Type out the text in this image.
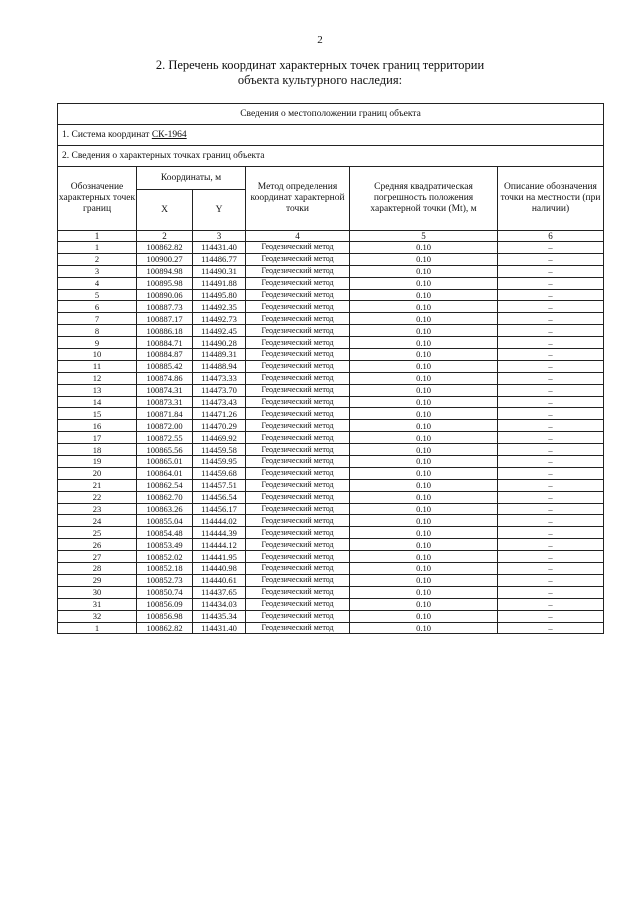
2
2. Перечень координат характерных точек границ территории
объекта культурного наследия:
Сведения о местоположении границ объекта					
1. Система координат СК-1964					
2. Сведения о характерных точках границ объекта					
Обозначение характерных точек границ	Координаты, м		Метод определения координат характерной точки	Средняя квадратическая погрешность положения характерной точки (Mt), м	Описание обозначения точки на местности (при наличии)
	X	Y			
1	2	3	4	5	6
1	100862.82	114431.40	Геодезический метод	0.10	–
2	100900.27	114486.77	Геодезический метод	0.10	–
3	100894.98	114490.31	Геодезический метод	0.10	–
4	100895.98	114491.88	Геодезический метод	0.10	–
5	100890.06	114495.80	Геодезический метод	0.10	–
6	100887.73	114492.35	Геодезический метод	0.10	–
7	100887.17	114492.73	Геодезический метод	0.10	–
8	100886.18	114492.45	Геодезический метод	0.10	–
9	100884.71	114490.28	Геодезический метод	0.10	–
10	100884.87	114489.31	Геодезический метод	0.10	–
11	100885.42	114488.94	Геодезический метод	0.10	–
12	100874.86	114473.33	Геодезический метод	0.10	–
13	100874.31	114473.70	Геодезический метод	0.10	–
14	100873.31	114473.43	Геодезический метод	0.10	–
15	100871.84	114471.26	Геодезический метод	0.10	–
16	100872.00	114470.29	Геодезический метод	0.10	–
17	100872.55	114469.92	Геодезический метод	0.10	–
18	100865.56	114459.58	Геодезический метод	0.10	–
19	100865.01	114459.95	Геодезический метод	0.10	–
20	100864.01	114459.68	Геодезический метод	0.10	–
21	100862.54	114457.51	Геодезический метод	0.10	–
22	100862.70	114456.54	Геодезический метод	0.10	–
23	100863.26	114456.17	Геодезический метод	0.10	–
24	100855.04	114444.02	Геодезический метод	0.10	–
25	100854.48	114444.39	Геодезический метод	0.10	–
26	100853.49	114444.12	Геодезический метод	0.10	–
27	100852.02	114441.95	Геодезический метод	0.10	–
28	100852.18	114440.98	Геодезический метод	0.10	–
29	100852.73	114440.61	Геодезический метод	0.10	–
30	100850.74	114437.65	Геодезический метод	0.10	–
31	100856.09	114434.03	Геодезический метод	0.10	–
32	100856.98	114435.34	Геодезический метод	0.10	–
1	100862.82	114431.40	Геодезический метод	0.10	–
